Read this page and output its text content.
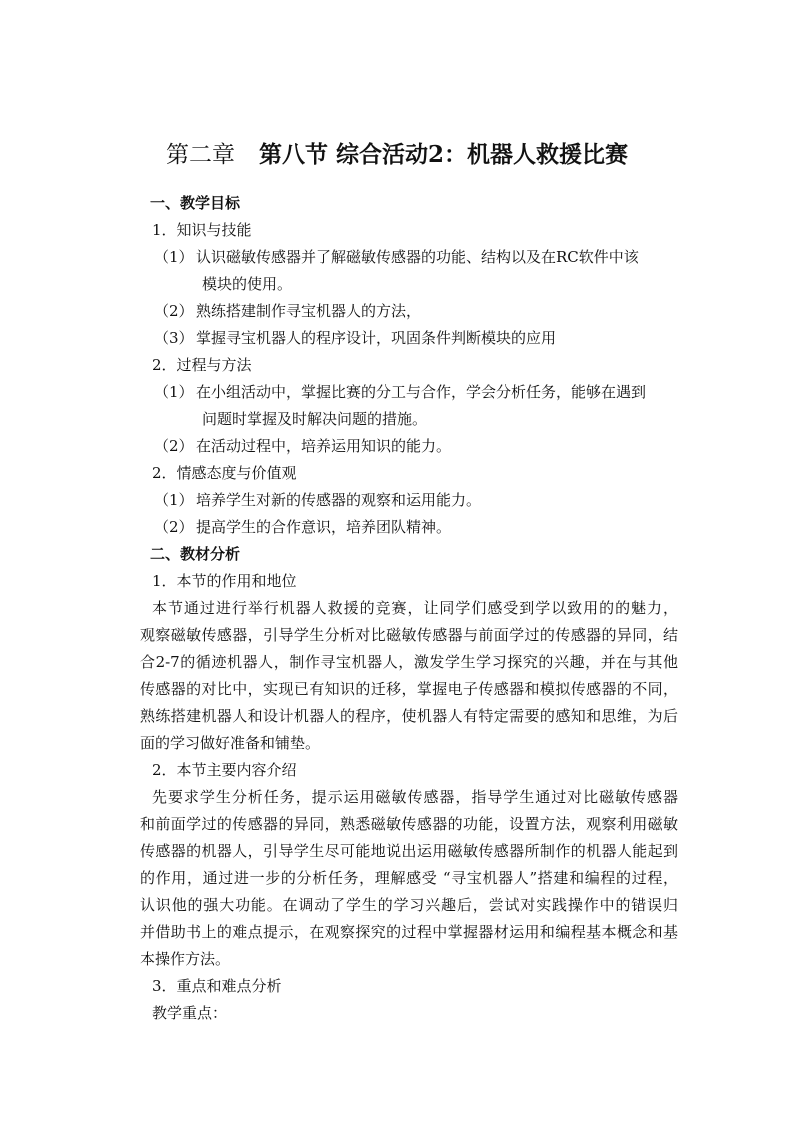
第二章 第八节 综合活动2：机器人救援比赛
一、教学目标
1．知识与技能
（1） 认识磁敏传感器并了解磁敏传感器的功能、结构以及在RC软件中该
模块的使用。
（2） 熟练搭建制作寻宝机器人的方法，
（3） 掌握寻宝机器人的程序设计，巩固条件判断模块的应用
2．过程与方法
（1） 在小组活动中，掌握比赛的分工与合作，学会分析任务，能够在遇到
问题时掌握及时解决问题的措施。
（2） 在活动过程中，培养运用知识的能力。
2．情感态度与价值观
（1） 培养学生对新的传感器的观察和运用能力。
（2） 提高学生的合作意识，培养团队精神。
二、教材分析
1．本节的作用和地位
本节通过进行举行机器人救援的竞赛，让同学们感受到学以致用的的魅力，
观察磁敏传感器，引导学生分析对比磁敏传感器与前面学过的传感器的异同，结
合2-7的循迹机器人，制作寻宝机器人，激发学生学习探究的兴趣，并在与其他
传感器的对比中，实现已有知识的迁移，掌握电子传感器和模拟传感器的不同，
熟练搭建机器人和设计机器人的程序，使机器人有特定需要的感知和思维，为后
面的学习做好准备和铺垫。
2．本节主要内容介绍
先要求学生分析任务，提示运用磁敏传感器，指导学生通过对比磁敏传感器
和前面学过的传感器的异同，熟悉磁敏传感器的功能，设置方法，观察利用磁敏
传感器的机器人，引导学生尽可能地说出运用磁敏传感器所制作的机器人能起到
的作用，通过进一步的分析任务，理解感受 “寻宝机器人”搭建和编程的过程，
认识他的强大功能。在调动了学生的学习兴趣后，尝试对实践操作中的错误归
并借助书上的难点提示，在观察探究的过程中掌握器材运用和编程基本概念和基
本操作方法。
3．重点和难点分析
教学重点：
